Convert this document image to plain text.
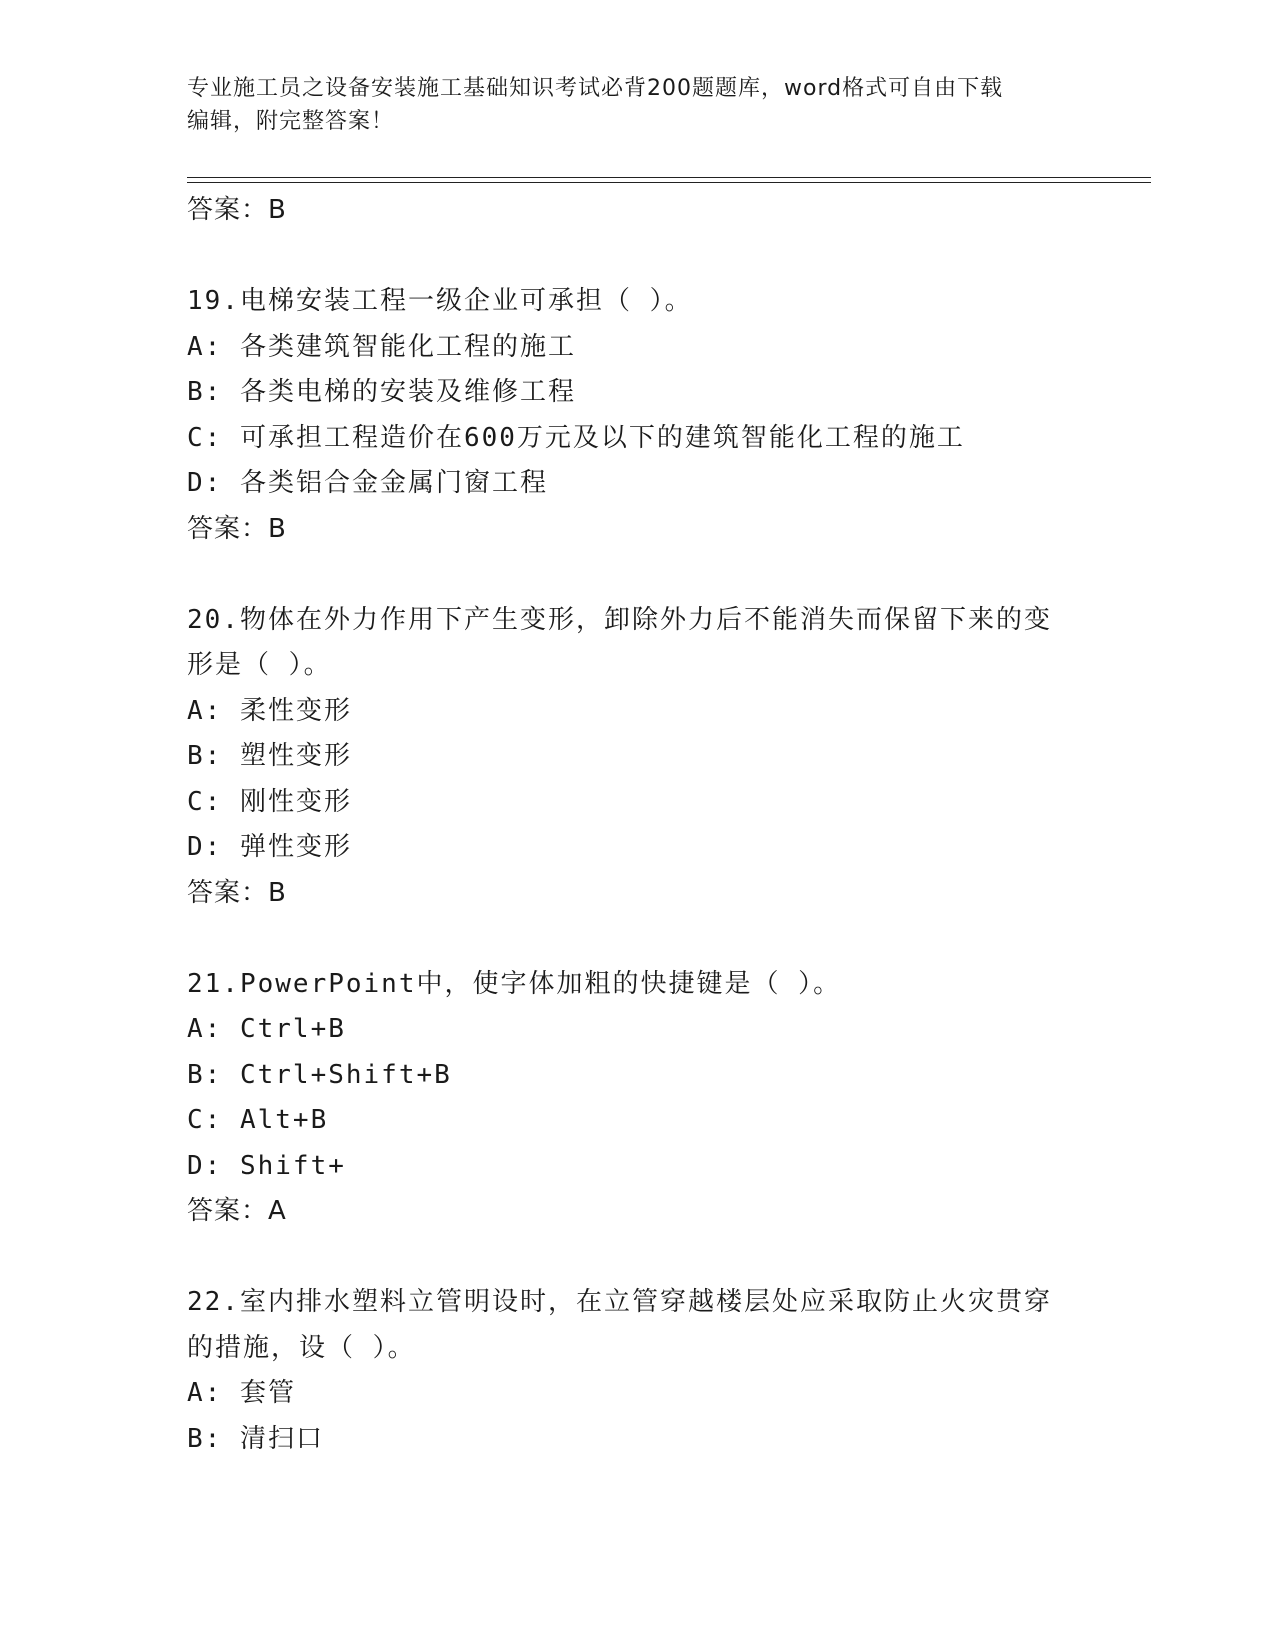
专业施工员之设备安装施工基础知识考试必背200题题库，word格式可自由下载
编辑，附完整答案！
答案：B
19.电梯安装工程一级企业可承担（ ）。
A: 各类建筑智能化工程的施工
B: 各类电梯的安装及维修工程
C: 可承担工程造价在600万元及以下的建筑智能化工程的施工
D: 各类铝合金金属门窗工程
答案：B
20.物体在外力作用下产生变形，卸除外力后不能消失而保留下来的变
形是（ ）。
A: 柔性变形
B: 塑性变形
C: 刚性变形
D: 弹性变形
答案：B
21.PowerPoint中，使字体加粗的快捷键是（ ）。
A: Ctrl+B
B: Ctrl+Shift+B
C: Alt+B
D: Shift+
答案：A
22.室内排水塑料立管明设时，在立管穿越楼层处应采取防止火灾贯穿
的措施，设（ ）。
A: 套管
B: 清扫口
